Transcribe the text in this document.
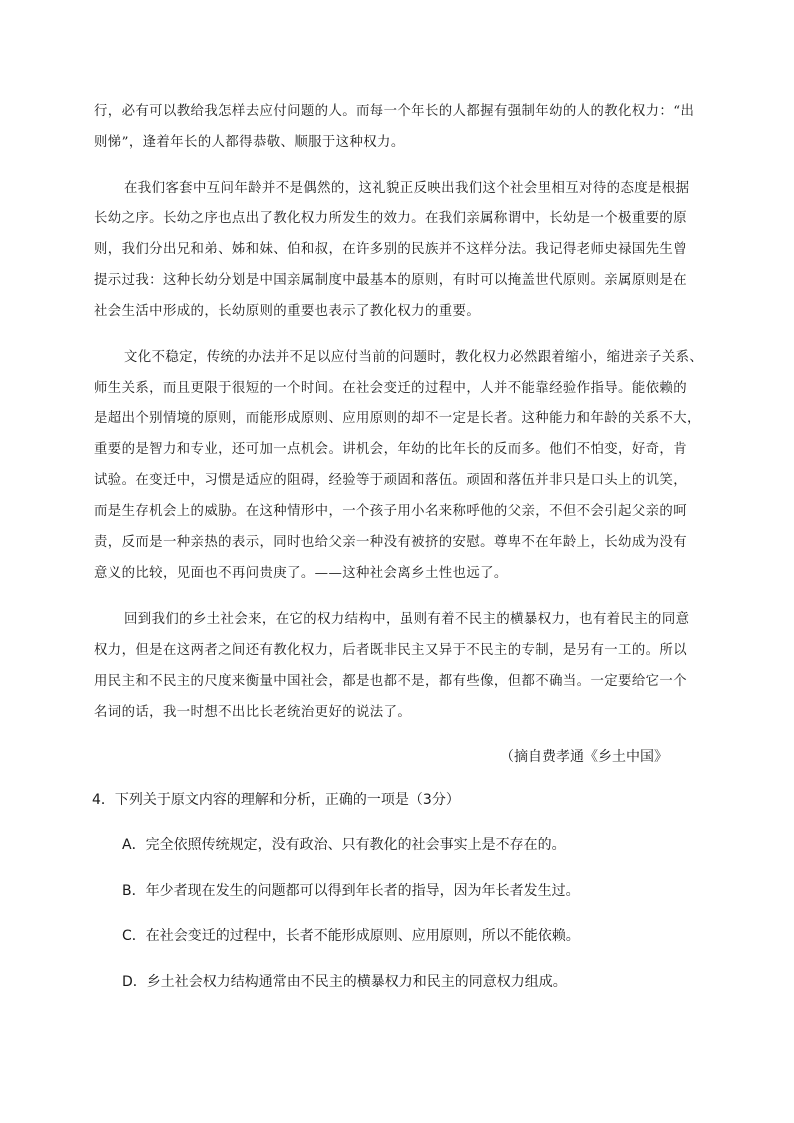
行，必有可以教给我怎样去应付问题的人。而每一个年长的人都握有强制年幼的人的教化权力：“出
则悌”，逢着年长的人都得恭敬、顺服于这种权力。
在我们客套中互问年龄并不是偶然的，这礼貌正反映出我们这个社会里相互对待的态度是根据
长幼之序。长幼之序也点出了教化权力所发生的效力。在我们亲属称谓中，长幼是一个极重要的原
则，我们分出兄和弟、姊和妹、伯和叔，在许多别的民族并不这样分法。我记得老师史禄国先生曾
提示过我：这种长幼分划是中国亲属制度中最基本的原则，有时可以掩盖世代原则。亲属原则是在
社会生活中形成的，长幼原则的重要也表示了教化权力的重要。
文化不稳定，传统的办法并不足以应付当前的问题时，教化权力必然跟着缩小，缩进亲子关系、
师生关系，而且更限于很短的一个时间。在社会变迁的过程中，人并不能靠经验作指导。能依赖的
是超出个别情境的原则，而能形成原则、应用原则的却不一定是长者。这种能力和年龄的关系不大，
重要的是智力和专业，还可加一点机会。讲机会，年幼的比年长的反而多。他们不怕变，好奇，肯
试验。在变迁中，习惯是适应的阻碍，经验等于顽固和落伍。顽固和落伍并非只是口头上的讥笑，
而是生存机会上的威胁。在这种情形中，一个孩子用小名来称呼他的父亲，不但不会引起父亲的呵
责，反而是一种亲热的表示，同时也给父亲一种没有被挤的安慰。尊卑不在年龄上，长幼成为没有
意义的比较，见面也不再问贵庚了。——这种社会离乡土性也远了。
回到我们的乡土社会来，在它的权力结构中，虽则有着不民主的横暴权力，也有着民主的同意
权力，但是在这两者之间还有教化权力，后者既非民主又异于不民主的专制，是另有一工的。所以
用民主和不民主的尺度来衡量中国社会，都是也都不是，都有些像，但都不确当。一定要给它一个
名词的话，我一时想不出比长老统治更好的说法了。
（摘自费孝通《乡土中国》
4．下列关于原文内容的理解和分析，正确的一项是（3分）
A．完全依照传统规定，没有政治、只有教化的社会事实上是不存在的。
B．年少者现在发生的问题都可以得到年长者的指导，因为年长者发生过。
C．在社会变迁的过程中，长者不能形成原则、应用原则，所以不能依赖。
D．乡土社会权力结构通常由不民主的横暴权力和民主的同意权力组成。
